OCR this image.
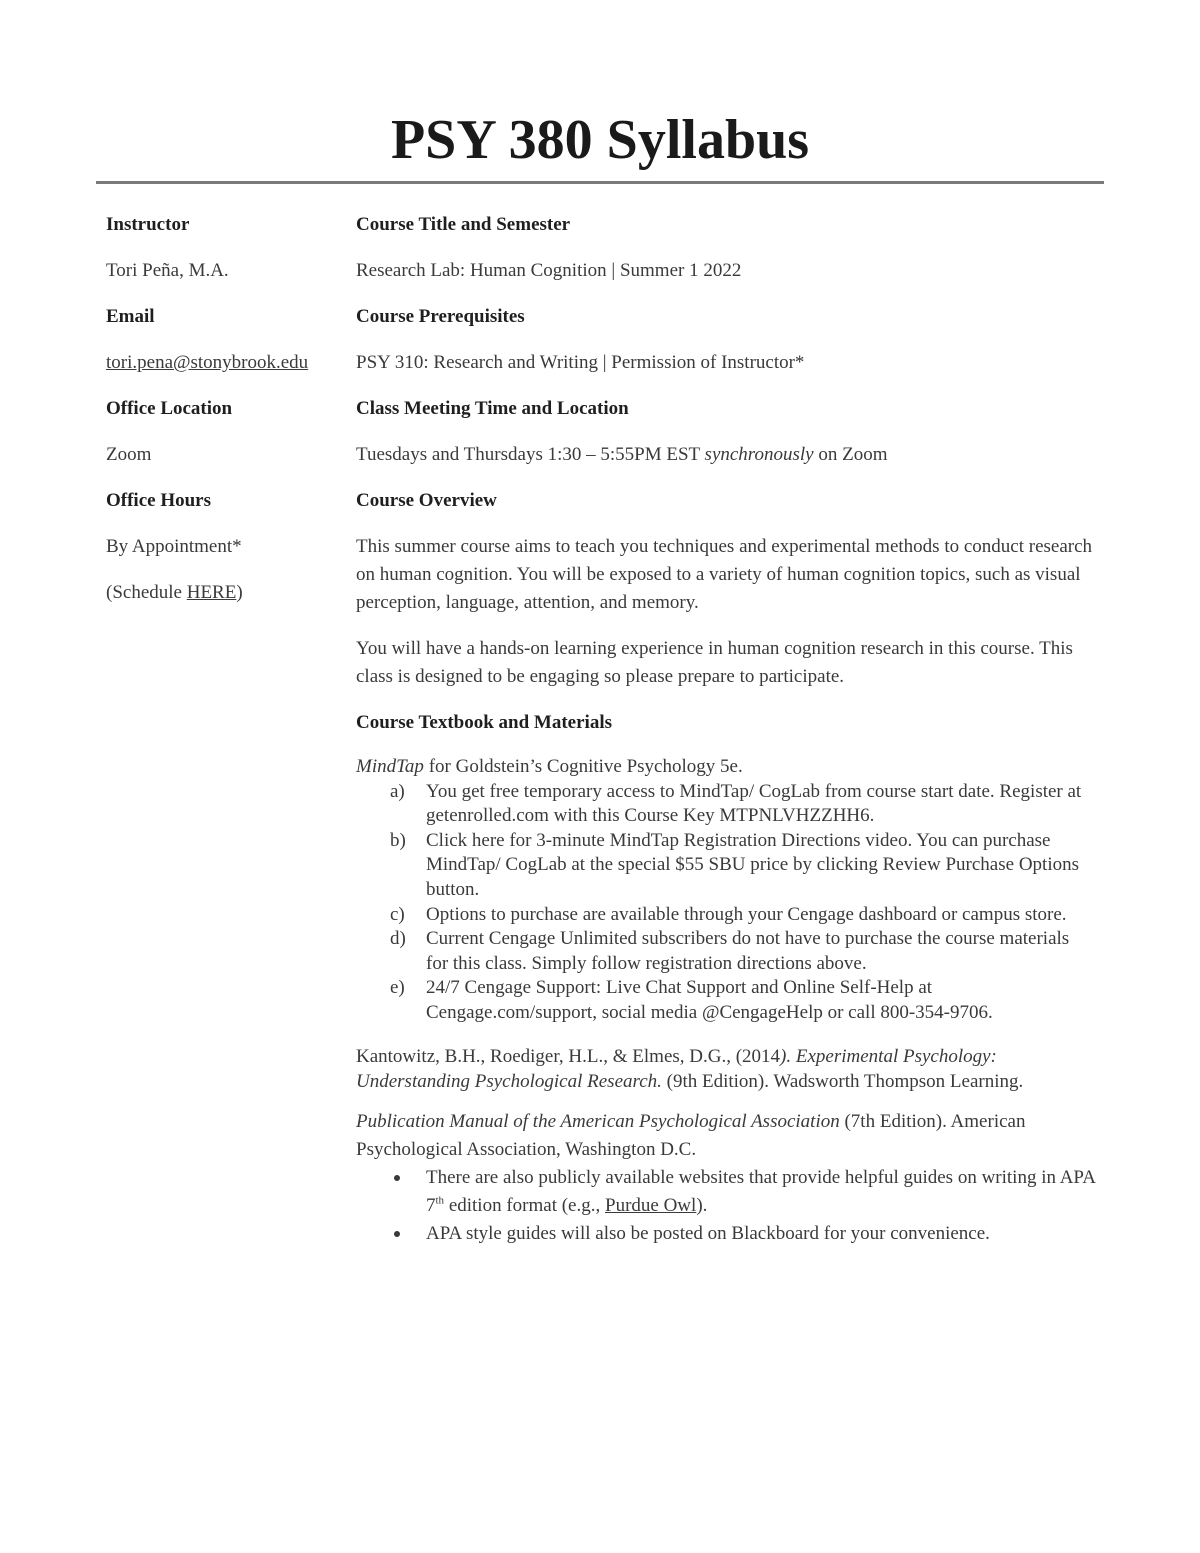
PSY 380 Syllabus

Instructor

Tori Peña, M.A.

Email

tori.pena@stonybrook.edu

Office Location

Zoom

Office Hours

By Appointment*

(Schedule HERE)

Course Title and Semester

Research Lab: Human Cognition | Summer 1 2022

Course Prerequisites

PSY 310: Research and Writing | Permission of Instructor*

Class Meeting Time and Location

Tuesdays and Thursdays 1:30 – 5:55PM EST synchronously on Zoom

Course Overview

This summer course aims to teach you techniques and experimental methods to conduct research on human cognition. You will be exposed to a variety of human cognition topics, such as visual perception, language, attention, and memory.

You will have a hands-on learning experience in human cognition research in this course. This class is designed to be engaging so please prepare to participate.

Course Textbook and Materials

MindTap for Goldstein’s Cognitive Psychology 5e.

a) You get free temporary access to MindTap/ CogLab from course start date. Register at getenrolled.com with this Course Key MTPNLVHZZHH6.
b) Click here for 3-minute MindTap Registration Directions video. You can purchase MindTap/ CogLab at the special $55 SBU price by clicking Review Purchase Options button.
c) Options to purchase are available through your Cengage dashboard or campus store.
d) Current Cengage Unlimited subscribers do not have to purchase the course materials for this class. Simply follow registration directions above.
e) 24/7 Cengage Support: Live Chat Support and Online Self-Help at Cengage.com/support, social media @CengageHelp or call 800-354-9706.

Kantowitz, B.H., Roediger, H.L., & Elmes, D.G., (2014). Experimental Psychology: Understanding Psychological Research. (9th Edition). Wadsworth Thompson Learning.

Publication Manual of the American Psychological Association (7th Edition). American Psychological Association, Washington D.C.

There are also publicly available websites that provide helpful guides on writing in APA 7th edition format (e.g., Purdue Owl).
APA style guides will also be posted on Blackboard for your convenience.
